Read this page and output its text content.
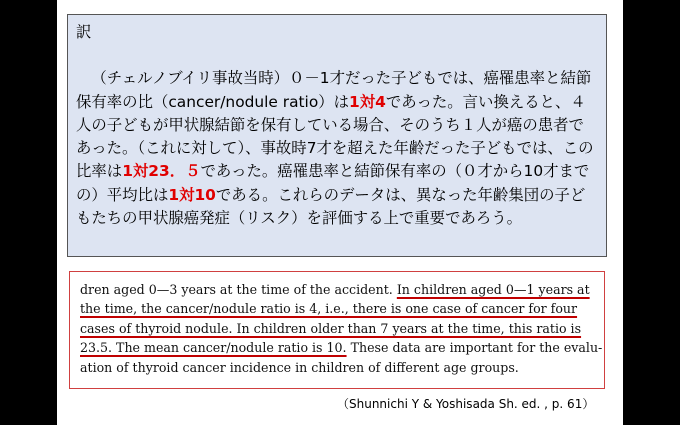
訳

（チェルノブイリ事故当時）０－1才だった子どもでは、癌罹患率と結節保有率の比（cancer/nodule ratio）は1対4であった。言い換えると、４人の子どもが甲状腺結節を保有している場合、そのうち１人が癌の患者であった。（これに対して）、事故時7才を超えた年齢だった子どもでは、この比率は1対23．５であった。癌罹患率と結節保有率の（０才から10才までの）平均比は1対10である。これらのデータは、異なった年齢集団の子どもたちの甲状腺癌発症（リスク）を評価する上で重要であろう。

dren aged 0—3 years at the time of the accident. In children aged 0—1 years at
the time, the cancer/nodule ratio is 4, i.e., there is one case of cancer for four
cases of thyroid nodule. In children older than 7 years at the time, this ratio is
23.5. The mean cancer/nodule ratio is 10. These data are important for the evalu-
ation of thyroid cancer incidence in children of different age groups.
（Shunnichi Y & Yoshisada Sh. ed. , p. 61）
